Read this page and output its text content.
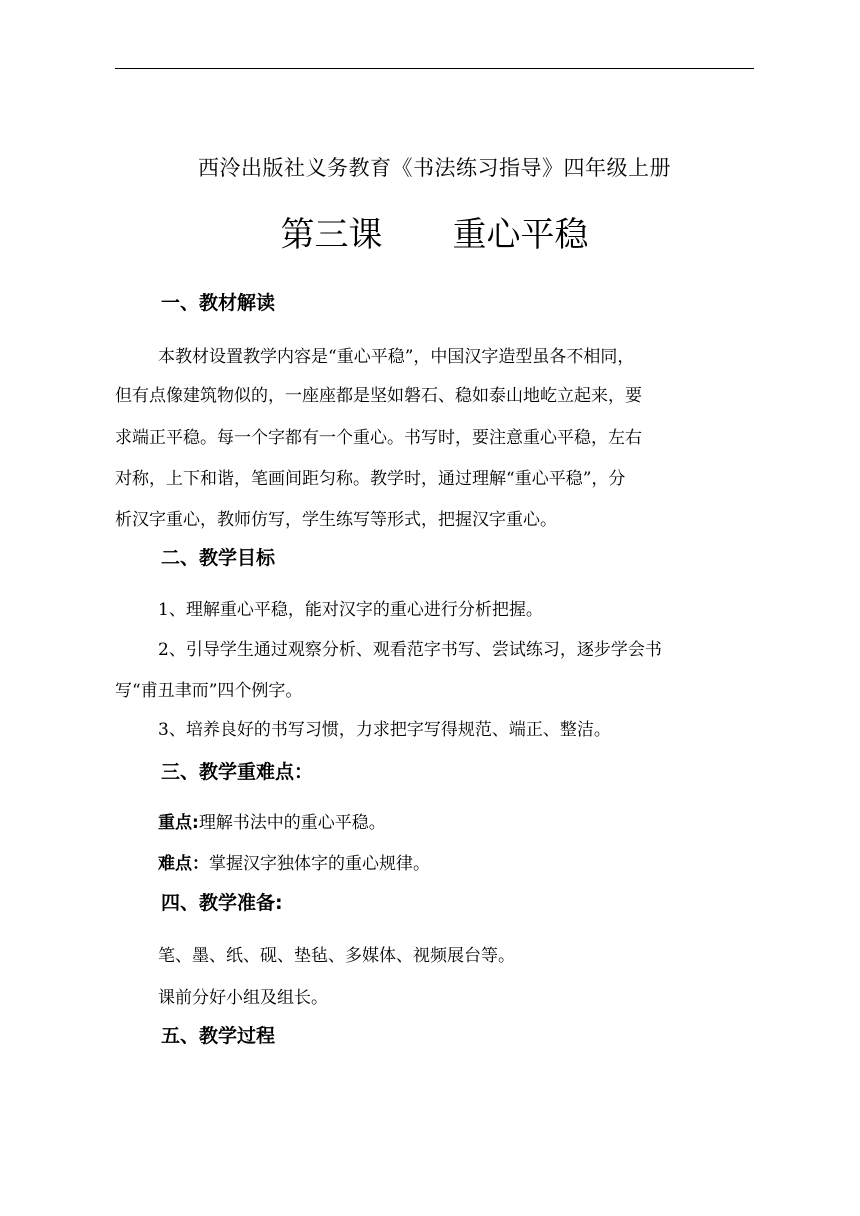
西泠出版社义务教育《书法练习指导》四年级上册
第三课 重心平稳
一、教材解读
本教材设置教学内容是“重心平稳”，中国汉字造型虽各不相同，
但有点像建筑物似的，一座座都是坚如磐石、稳如泰山地屹立起来，要
求端正平稳。每一个字都有一个重心。书写时，要注意重心平稳，左右
对称，上下和谐，笔画间距匀称。教学时，通过理解“重心平稳”，分
析汉字重心，教师仿写，学生练写等形式，把握汉字重心。
二、教学目标
1、理解重心平稳，能对汉字的重心进行分析把握。
2、引导学生通过观察分析、观看范字书写、尝试练习，逐步学会书
写“甫丑聿而”四个例字。
3、培养良好的书写习惯，力求把字写得规范、端正、整洁。
三、教学重难点：
重点:理解书法中的重心平稳。
难点：掌握汉字独体字的重心规律。
四、教学准备:
笔、墨、纸、砚、垫毡、多媒体、视频展台等。
课前分好小组及组长。
五、教学过程
